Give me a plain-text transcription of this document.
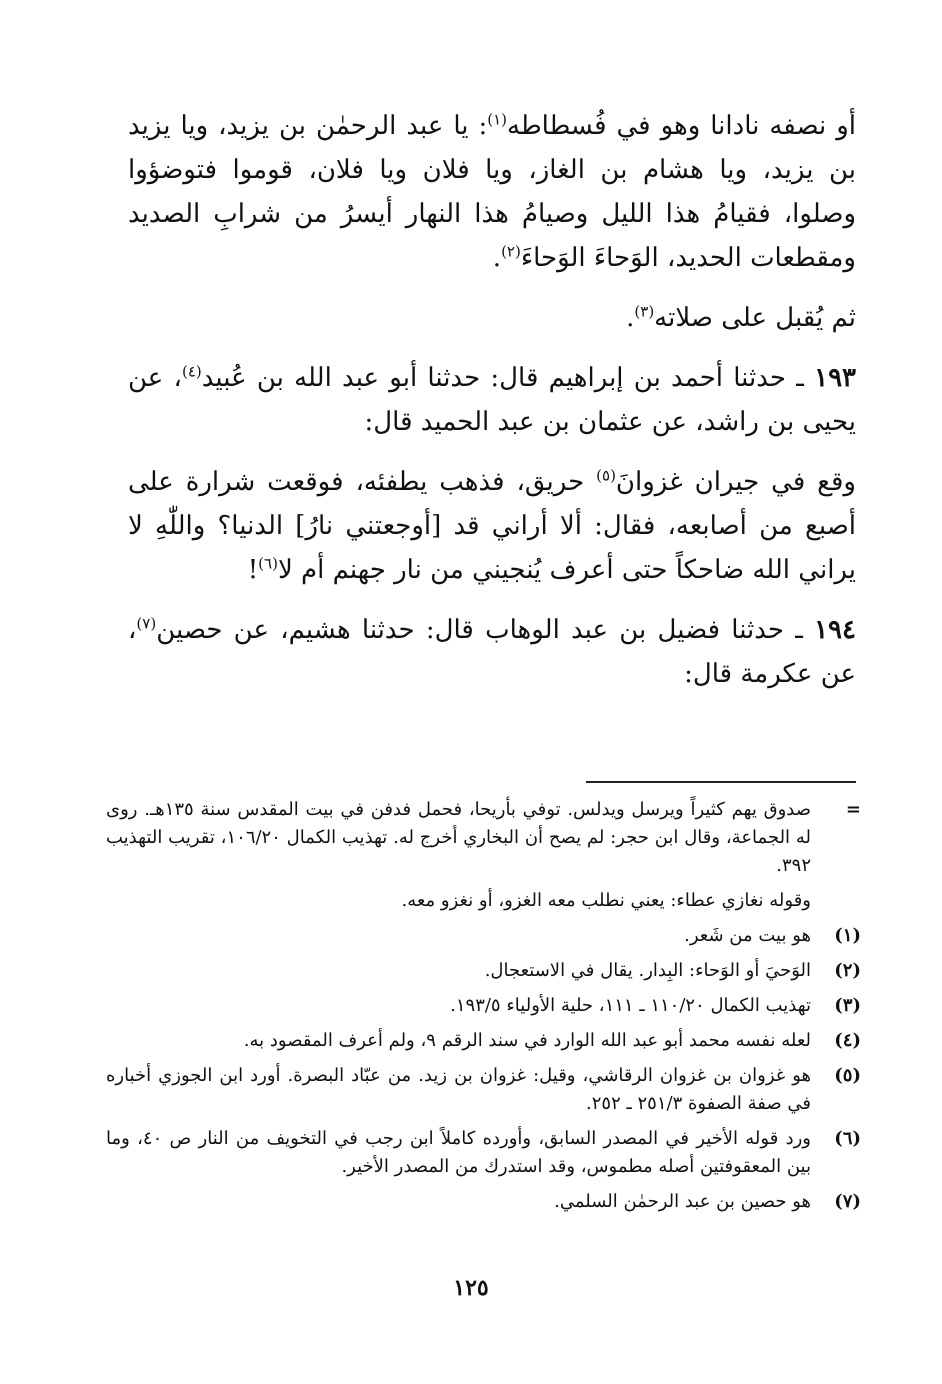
أو نصفه نادانا وهو في فُسطاطه$^{(١)}$: يا عبد الرحمٰن بن يزيد، ويا يزيد بن يزيد، ويا هشام بن الغاز، ويا فلان ويا فلان، قوموا فتوضؤوا وصلوا، فقيامُ هذا الليل وصيامُ هذا النهار أيسرُ من شرابِ الصديد ومقطعات الحديد، الوَحاءَ الوَحاءَ$^{(٢)}$.

ثم يُقبل على صلاته$^{(٣)}$.

١٩٣ ـ حدثنا أحمد بن إبراهيم قال: حدثنا أبو عبد الله بن عُبيد$^{(٤)}$، عن يحيى بن راشد، عن عثمان بن عبد الحميد قال:

وقع في جيران غزوانَ$^{(٥)}$ حريق، فذهب يطفئه، فوقعت شرارة على أصبع من أصابعه، فقال: ألا أراني قد [أوجعتني نارُ] الدنيا؟ واللّٰهِ لا يراني الله ضاحكاً حتى أعرف يُنجيني من نار جهنم أم لا$^{(٦)}$!

١٩٤ ـ حدثنا فضيل بن عبد الوهاب قال: حدثنا هشيم، عن حصين$^{(٧)}$، عن عكرمة قال:

=
صدوق يهم كثيراً ويرسل ويدلس. توفي بأريحا، فحمل فدفن في بيت المقدس سنة ١٣٥هـ. روى له الجماعة، وقال ابن حجر: لم يصح أن البخاري أخرج له. تهذيب الكمال ١٠٦/٢٠، تقريب التهذيب ٣٩٢.
وقوله نغازي عطاء: يعني نطلب معه الغزو، أو نغزو معه.
(١)
هو بيت من شَعر.
(٢)
الوَحيَ أو الوَحاء: البِدار. يقال في الاستعجال.
(٣)
تهذيب الكمال ١١٠/٢٠ ـ ١١١، حلية الأولياء ١٩٣/٥.
(٤)
لعله نفسه محمد أبو عبد الله الوارد في سند الرقم ٩، ولم أعرف المقصود به.
(٥)
هو غزوان بن غزوان الرقاشي، وقيل: غزوان بن زيد. من عبّاد البصرة. أورد ابن الجوزي أخباره في صفة الصفوة ٢٥١/٣ ـ ٢٥٢.
(٦)
ورد قوله الأخير في المصدر السابق، وأورده كاملاً ابن رجب في التخويف من النار ص ٤٠، وما بين المعقوفتين أصله مطموس، وقد استدرك من المصدر الأخير.
(٧)
هو حصين بن عبد الرحمٰن السلمي.
١٢٥
